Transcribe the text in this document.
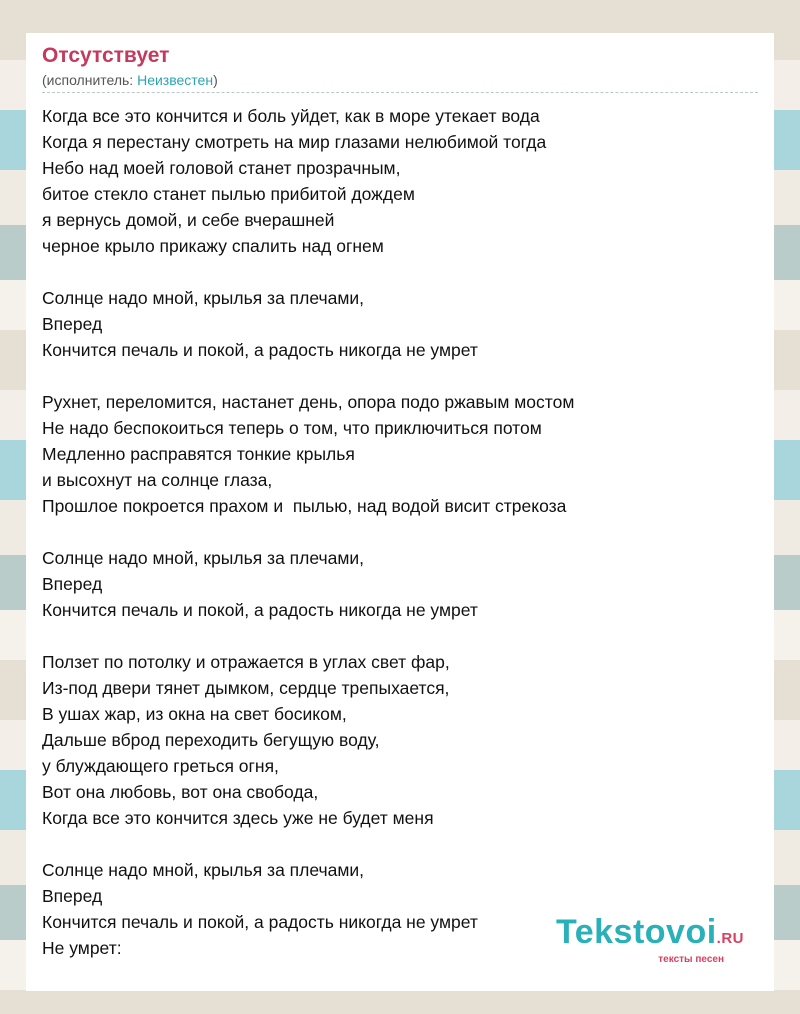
Отсутствует
(исполнитель: Неизвестен)
Когда все это кончится и боль уйдет, как в море утекает вода
Когда я перестану смотреть на мир глазами нелюбимой тогда
Небо над моей головой станет прозрачным,
битое стекло станет пылью прибитой дождем
я вернусь домой, и себе вчерашней
черное крыло прикажу спалить над огнем
Солнце надо мной, крылья за плечами,
Вперед
Кончится печаль и покой, а радость никогда не умрет
Рухнет, переломится, настанет день, опора подо ржавым мостом
Не надо беспокоиться теперь о том, что приключиться потом
Медленно расправятся тонкие крылья
и высохнут на солнце глаза,
Прошлое покроется прахом и  пылью, над водой висит стрекоза
Солнце надо мной, крылья за плечами,
Вперед
Кончится печаль и покой, а радость никогда не умрет
Ползет по потолку и отражается в углах свет фар,
Из-под двери тянет дымком, сердце трепыхается,
В ушах жар, из окна на свет босиком,
Дальше вброд переходить бегущую воду,
у блуждающего греться огня,
Вот она любовь, вот она свобода,
Когда все это кончится здесь уже не будет меня
Солнце надо мной, крылья за плечами,
Вперед
Кончится печаль и покой, а радость никогда не умрет
Не умрет:	Tekstovoi.RU
тексты песен
